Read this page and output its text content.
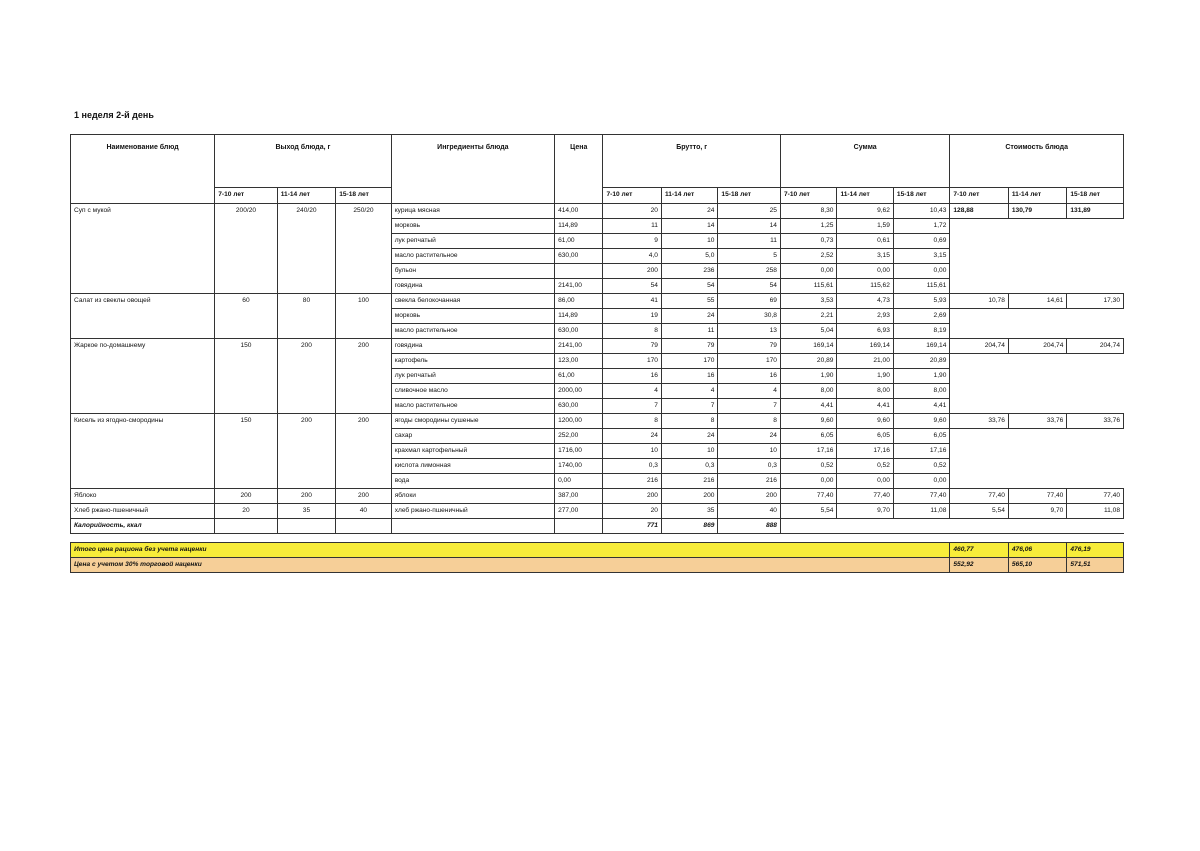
1 неделя 2-й день
Наименование блюд	Выход блюда, г			Ингредиенты блюда	Цена	Брутто, г			Сумма			Стоимость блюда		
	7-10 лет	11-14 лет	15-18 лет			7-10 лет	11-14 лет	15-18 лет	7-10 лет	11-14 лет	15-18 лет	7-10 лет	11-14 лет	15-18 лет
Суп с мукой	200/20	240/20	250/20	курица мясная	414,00	20	24	25	8,30	9,62	10,43	128,88	130,79	131,89
				морковь	114,89	11	14	14	1,25	1,59	1,72			
				лук репчатый	61,00	9	10	11	0,73	0,61	0,69			
				масло растительное	630,00	4,0	5,0	5	2,52	3,15	3,15			
				бульон		200	236	258	0,00	0,00	0,00			
				говядина	2141,00	54	54	54	115,61	115,62	115,61			
Салат из свеклы овощей	60	80	100	свекла белокочанная	86,00	41	55	69	3,53	4,73	5,93	10,78	14,61	17,30
				морковь	114,89	19	24	30,8	2,21	2,93	2,69			
				масло растительное	630,00	8	11	13	5,04	6,93	8,19			
Жаркое по-домашнему	150	200	200	говядина	2141,00	79	79	79	169,14	169,14	169,14	204,74	204,74	204,74
				картофель	123,00	170	170	170	20,89	21,00	20,89			
				лук репчатый	61,00	16	16	16	1,90	1,90	1,90			
				сливочное масло	2000,00	4	4	4	8,00	8,00	8,00			
				масло растительное	630,00	7	7	7	4,41	4,41	4,41			
Кисель из ягодно-смородины	150	200	200	ягоды смородины сушеные	1200,00	8	8	8	9,60	9,60	9,60	33,76	33,76	33,76
				сахар	252,00	24	24	24	6,05	6,05	6,05			
				крахмал картофельный	1716,00	10	10	10	17,16	17,16	17,16			
				кислота лимонная	1740,00	0,3	0,3	0,3	0,52	0,52	0,52			
				вода	0,00	216	216	216	0,00	0,00	0,00			
Яблоко	200	200	200	яблоки	387,00	200	200	200	77,40	77,40	77,40	77,40	77,40	77,40
Хлеб ржано-пшеничный	20	35	40	хлеб ржано-пшеничный	277,00	20	35	40	5,54	9,70	11,08	5,54	9,70	11,08
Калорийность, ккал						771	869	888						

Итого цена рациона без учета наценки												460,77	476,06	476,19
Цена с учетом 30% торговой наценки												552,92	565,10	571,51
